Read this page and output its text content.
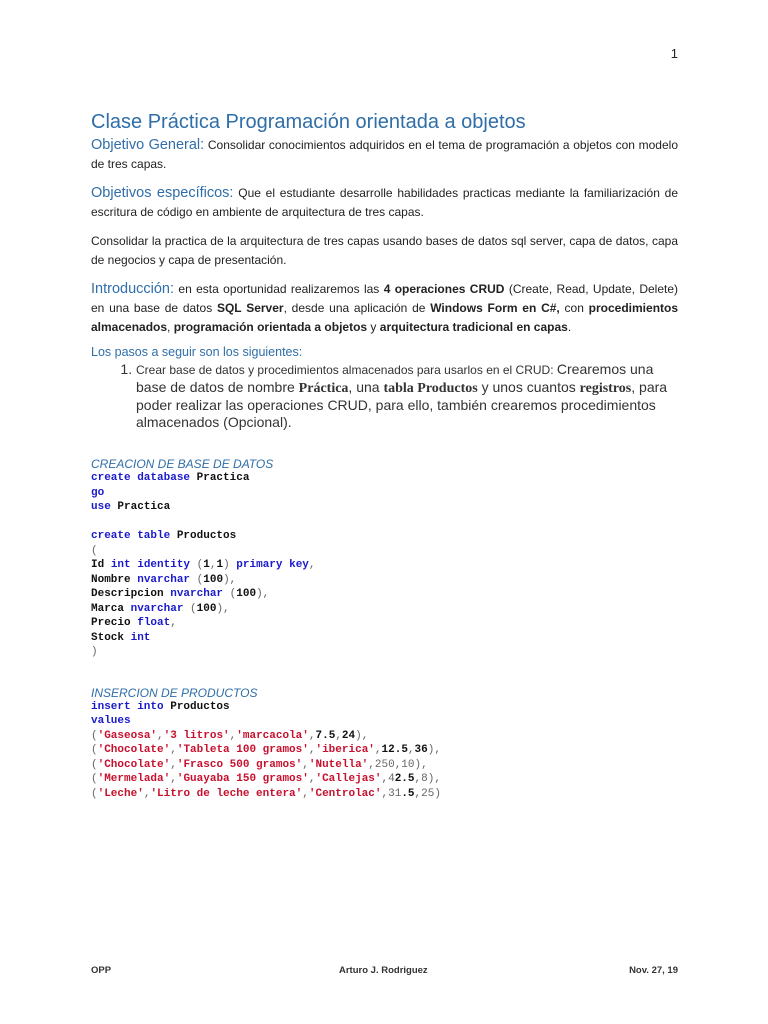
1
Clase Práctica Programación orientada a objetos

Objetivo General: Consolidar conocimientos adquiridos en el tema de programación a objetos con modelo de tres capas.

Objetivos específicos: Que el estudiante desarrolle habilidades practicas mediante la familiarización de escritura de código en ambiente de arquitectura de tres capas.

Consolidar la practica de la arquitectura de tres capas usando bases de datos sql server, capa de datos, capa de negocios y capa de presentación.

Introducción: en esta oportunidad realizaremos las 4 operaciones CRUD (Create, Read, Update, Delete) en una base de datos SQL Server, desde una aplicación de Windows Form en C#, con procedimientos almacenados, programación orientada a objetos y arquitectura tradicional en capas.

Los pasos a seguir son los siguientes:
1. Crear base de datos y procedimientos almacenados para usarlos en el CRUD: Crearemos una base de datos de nombre Práctica, una tabla Productos y unos cuantos registros, para poder realizar las operaciones CRUD, para ello, también crearemos procedimientos almacenados (Opcional).
CREACION DE BASE DE DATOS
create database Practica
go
use Practica

create table Productos
(
Id int identity (1,1) primary key,
Nombre nvarchar (100),
Descripcion nvarchar (100),
Marca nvarchar (100),
Precio float,
Stock int
)
INSERCION DE PRODUCTOS
insert into Productos
values
('Gaseosa','3 litros','marcacola',7.5,24),
('Chocolate','Tableta 100 gramos','iberica',12.5,36),
('Chocolate','Frasco 500 gramos','Nutella',250,10),
('Mermelada','Guayaba 150 gramos','Callejas',42.5,8),
('Leche','Litro de leche entera','Centrolac',31.5,25)
OPP	Arturo J. Rodriguez	Nov. 27, 19
